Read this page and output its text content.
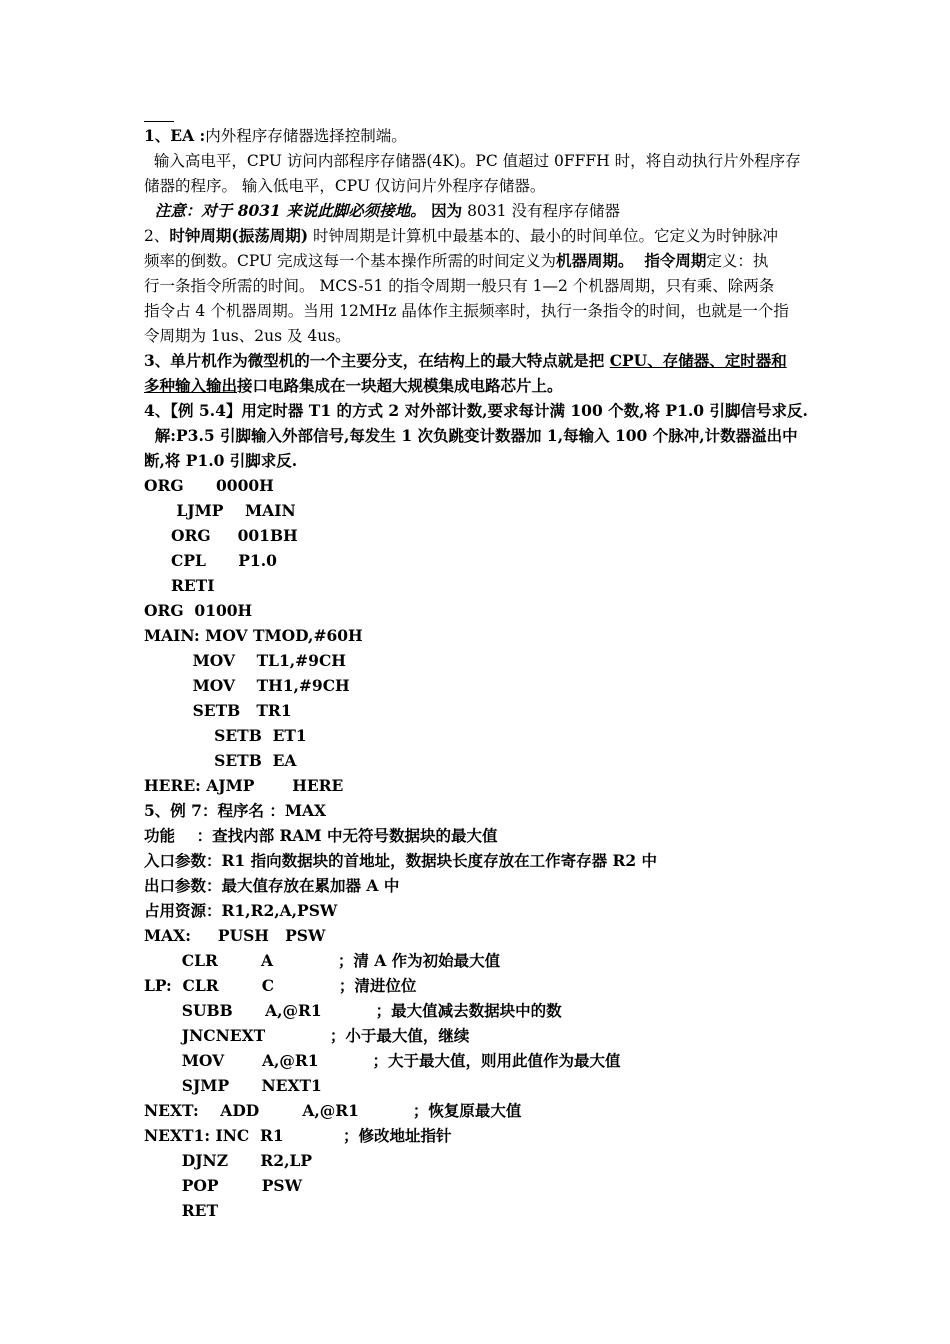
1、EA :内外程序存储器选择控制端。

输入高电平，CPU 访问内部程序存储器(4K)。PC 值超过 0FFFH 时，将自动执行片外程序存

储器的程序。 输入低电平，CPU 仅访问片外程序存储器。

注意：对于 8031 来说此脚必须接地。 因为 8031 没有程序存储器

2、时钟周期(振荡周期) 时钟周期是计算机中最基本的、最小的时间单位。它定义为时钟脉冲

频率的倒数。CPU 完成这每一个基本操作所需的时间定义为机器周期。  指令周期定义：执

行一条指令所需的时间。 MCS-51 的指令周期一般只有 1—2 个机器周期，只有乘、除两条

指令占 4 个机器周期。当用 12MHz 晶体作主振频率时，执行一条指令的时间，也就是一个指

令周期为 1us、2us 及 4us。

3、单片机作为微型机的一个主要分支，在结构上的最大特点就是把 CPU、存储器、定时器和

多种输入输出接口电路集成在一块超大规模集成电路芯片上。

4、【例 5.4】用定时器 T1 的方式 2 对外部计数,要求每计满 100 个数,将 P1.0 引脚信号求反.

解:P3.5 引脚输入外部信号,每发生 1 次负跳变计数器加 1,每输入 100 个脉冲,计数器溢出中

断,将 P1.0 引脚求反.

ORG      0000H

LJMP    MAIN

ORG     001BH

CPL      P1.0

RETI

ORG  0100H

MAIN: MOV TMOD,#60H

MOV    TL1,#9CH

MOV    TH1,#9CH

SETB   TR1

SETB  ET1

SETB  EA

HERE: AJMP       HERE

5、例 7：程序名 ：MAX

功能    ：查找内部 RAM 中无符号数据块的最大值

入口参数：R1 指向数据块的首地址，数据块长度存放在工作寄存器 R2 中

出口参数：最大值存放在累加器 A 中

占用资源：R1,R2,A,PSW

MAX:     PUSH   PSW

CLR        A            ；清 A 作为初始最大值

LP:  CLR        C            ；清进位位

SUBB      A,@R1          ；最大值减去数据块中的数

JNCNEXT            ；小于最大值，继续

MOV       A,@R1          ；大于最大值，则用此值作为最大值

SJMP      NEXT1

NEXT:    ADD        A,@R1          ；恢复原最大值

NEXT1: INC  R1           ；修改地址指针

DJNZ      R2,LP

POP        PSW

RET
